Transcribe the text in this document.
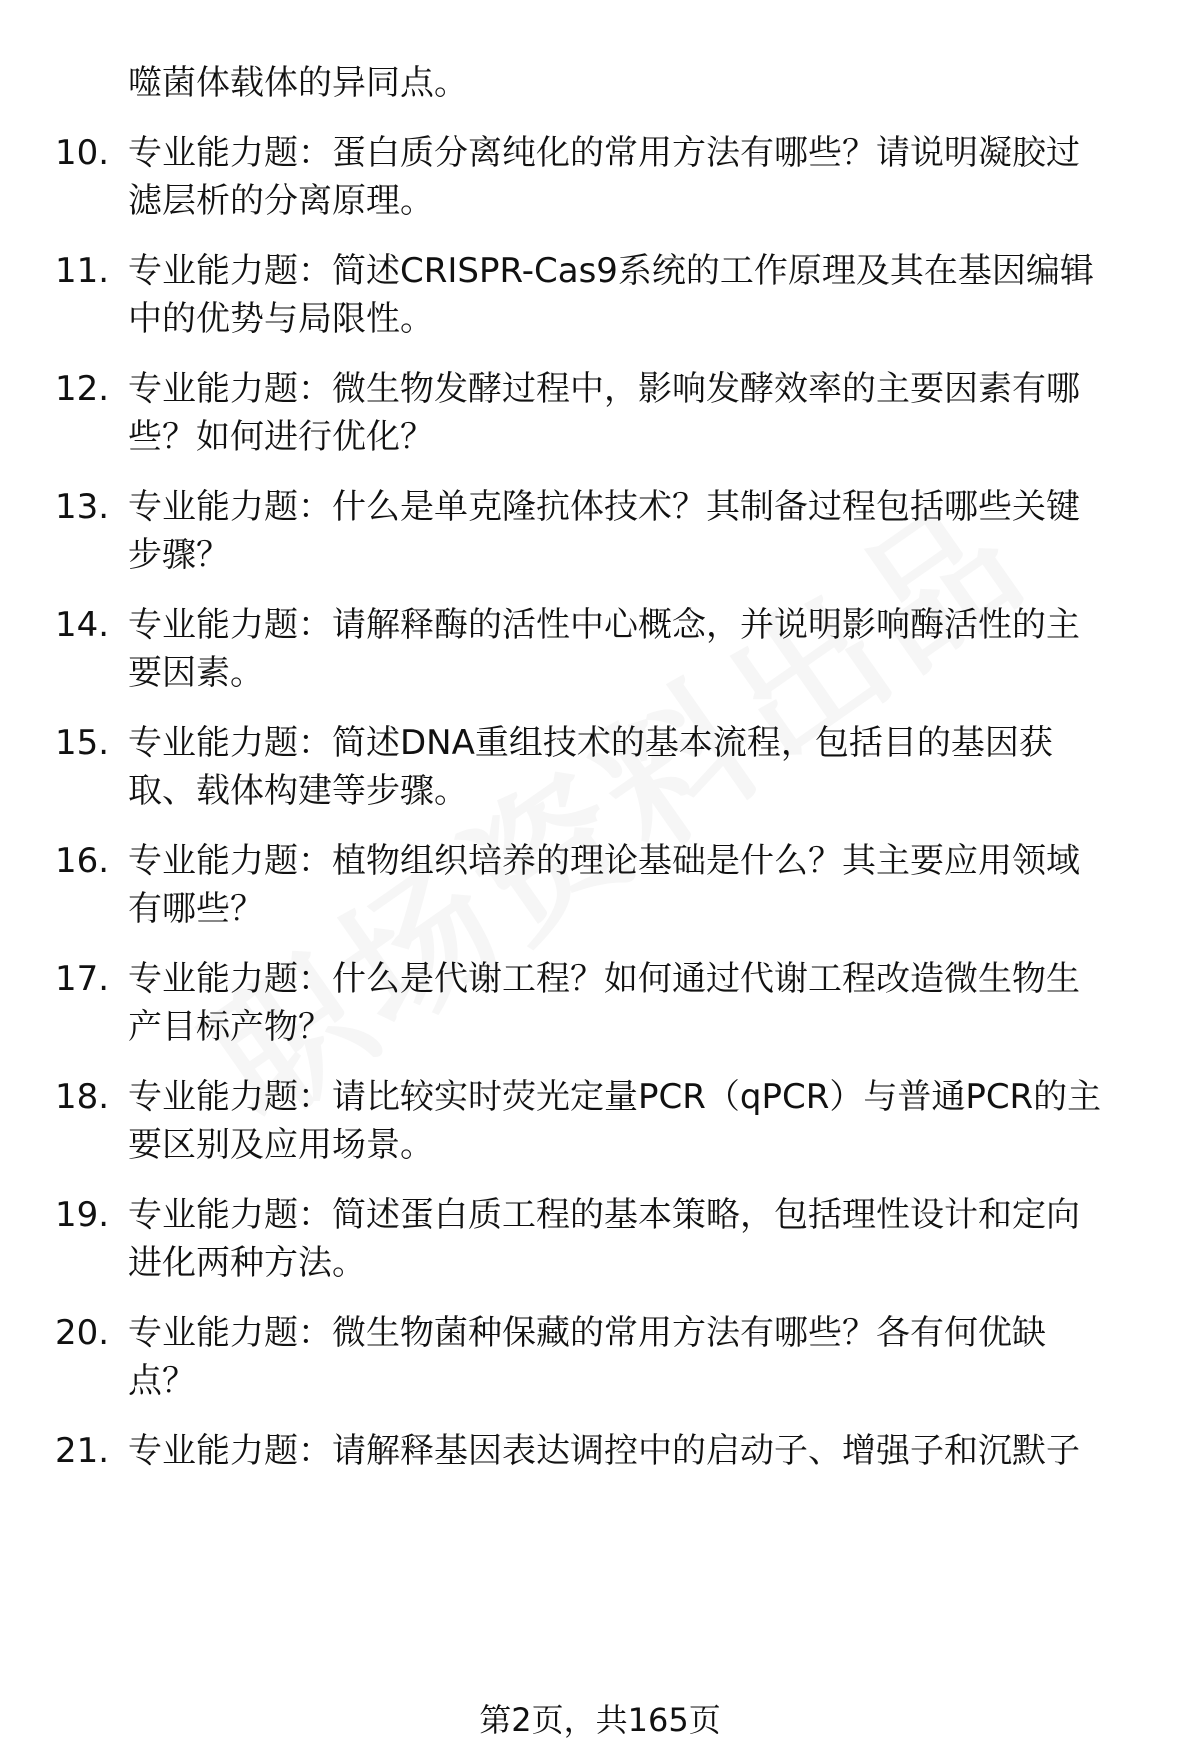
噬菌体载体的异同点。
10. 专业能力题：蛋白质分离纯化的常用方法有哪些？请说明凝胶过
滤层析的分离原理。
11. 专业能力题：简述CRISPR-Cas9系统的工作原理及其在基因编辑
中的优势与局限性。
12. 专业能力题：微生物发酵过程中，影响发酵效率的主要因素有哪
些？如何进行优化？
13. 专业能力题：什么是单克隆抗体技术？其制备过程包括哪些关键
步骤？
14. 专业能力题：请解释酶的活性中心概念，并说明影响酶活性的主
要因素。
15. 专业能力题：简述DNA重组技术的基本流程，包括目的基因获
取、载体构建等步骤。
16. 专业能力题：植物组织培养的理论基础是什么？其主要应用领域
有哪些？
17. 专业能力题：什么是代谢工程？如何通过代谢工程改造微生物生
产目标产物？
18. 专业能力题：请比较实时荧光定量PCR（qPCR）与普通PCR的主
要区别及应用场景。
19. 专业能力题：简述蛋白质工程的基本策略，包括理性设计和定向
进化两种方法。
20. 专业能力题：微生物菌种保藏的常用方法有哪些？各有何优缺
点？
21. 专业能力题：请解释基因表达调控中的启动子、增强子和沉默子
第2页，共165页
